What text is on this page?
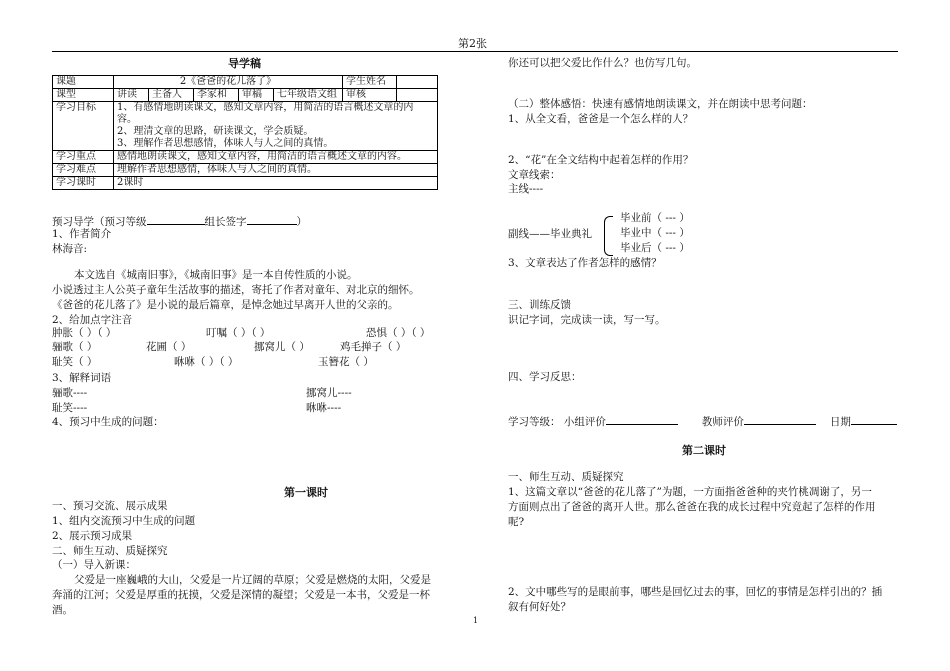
第2张
导学稿
课题	2《爸爸的花儿落了》					学生姓名	
课型	讲读	主备人	李家和	审稿	七年级语文组	审核	
学习目标	1、有感情地朗读课文，感知文章内容，用简洁的语言概述文章的内
容。
2、理清文章的思路，研读课文，学会质疑。
3、理解作者思想感情，体味人与人之间的真情。						

学习重点	感情地朗读课文，感知文章内容，用简洁的语言概述文章的内容。						
学习难点	理解作者思想感情，体味人与人之间的真情。						
学习课时	2课时						
预习导学（预习等级	组长签字	）
1、作者简介
林海音:
本文选自《城南旧事》，《城南旧事》是一本自传性质的小说。
小说透过主人公英子童年生活故事的描述，寄托了作者对童年、对北京的细怀。
《爸爸的花儿落了》是小说的最后篇章，是悼念她过早离开人世的父亲的。
2、给加点字注音
肿胀（ ）（ ）	叮嘱（ ）（ ）	恐惧（ ）（ ）
骊歌（ ）	花圃（ ）	挪窝儿（ ）	鸡毛掸子（ ）
耻笑（ ）	咻咻（ ）（ ）	玉簪花（ ）
3、解释词语
骊歌----	挪窝儿----
耻笑----	咻咻----
4、预习中生成的问题：
第一课时
一、预习交流、展示成果
1、组内交流预习中生成的问题
2、展示预习成果
二、师生互动、质疑探究
（一）导入新课：
父爱是一座巍峨的大山，父爱是一片辽阔的草原；父爱是燃烧的太阳，父爱是
奔涌的江河；父爱是厚重的抚摸，父爱是深情的凝望；父爱是一本书，父爱是一杯
酒。
你还可以把父爱比作什么？也仿写几句。
（二）整体感悟：快速有感情地朗读课文，并在朗读中思考问题：
1、从全文看，爸爸是一个怎么样的人？
2、“花”在全文结构中起着怎样的作用？
文章线索：
主线----
副线——毕业典礼
毕业前（ --- ）
毕业中（ --- ）
毕业后（ --- ）
3、文章表达了作者怎样的感情？
三、训练反馈
识记字词，完成读一读，写一写。
四、学习反思：
学习等级： 小组评价	教师评价	日期
第二课时
一、师生互动、质疑探究
1、这篇文章以“爸爸的花儿落了”为题，一方面指爸爸种的夹竹桃凋谢了，另一
方面则点出了爸爸的离开人世。那么爸爸在我的成长过程中究竟起了怎样的作用
呢?
2、文中哪些写的是眼前事，哪些是回忆过去的事，回忆的事情是怎样引出的？插
叙有何好处？
1
